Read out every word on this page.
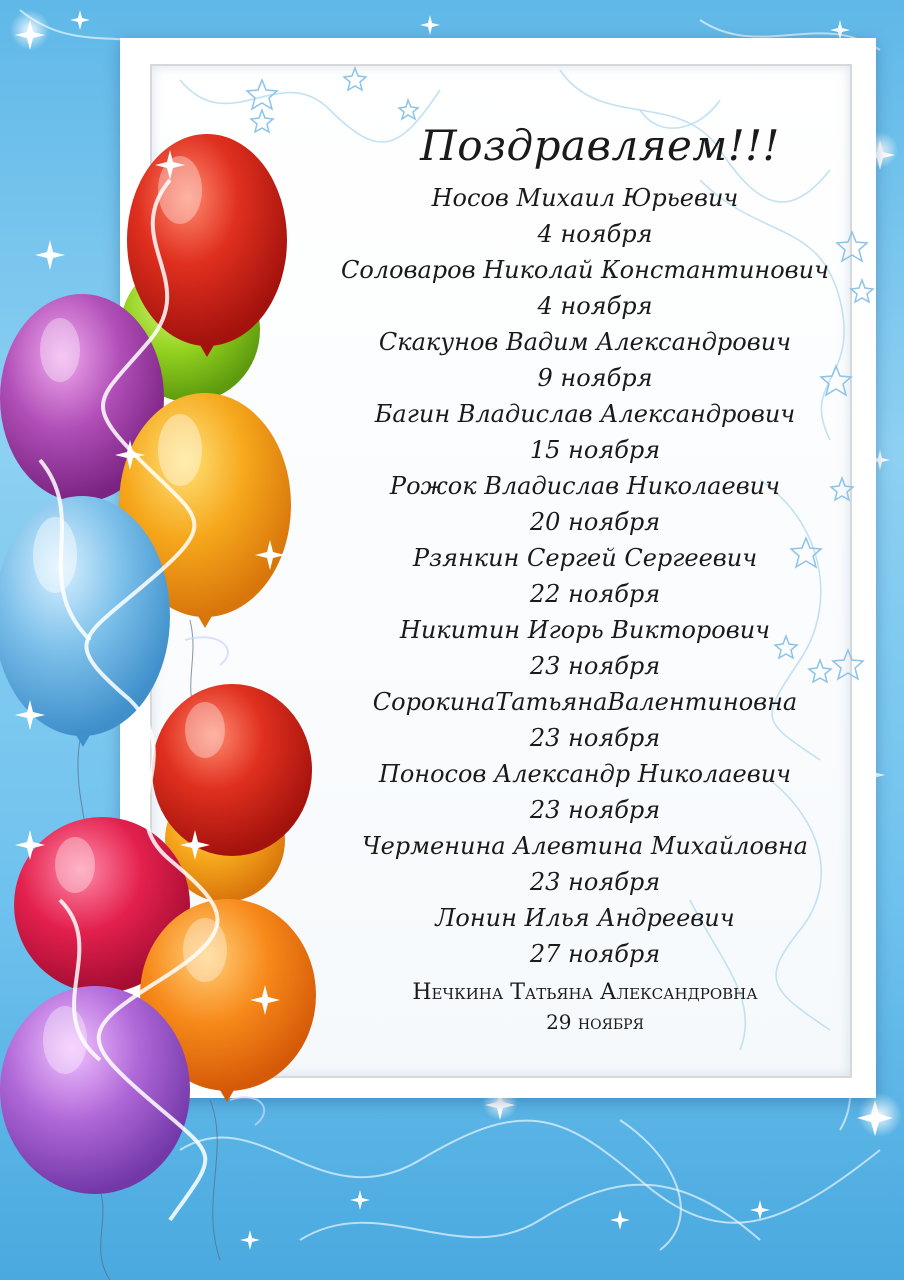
Поздравляем!!!
Носов Михаил Юрьевич
4 ноября
Соловаров Николай Константинович
4 ноября
Скакунов Вадим Александрович
9 ноября
Багин Владислав Александрович
15 ноября
Рожок Владислав Николаевич
20 ноября
Рзянкин Сергей Сергеевич
22 ноября
Никитин Игорь Викторович
23 ноября
СорокинаТатьянаВалентиновна
23 ноября
Поносов Александр Николаевич
23 ноября
Черменина Алевтина Михайловна
23 ноября
Лонин Илья Андреевич
27 ноября
Нечкина Татьяна Александровна
29 ноября
